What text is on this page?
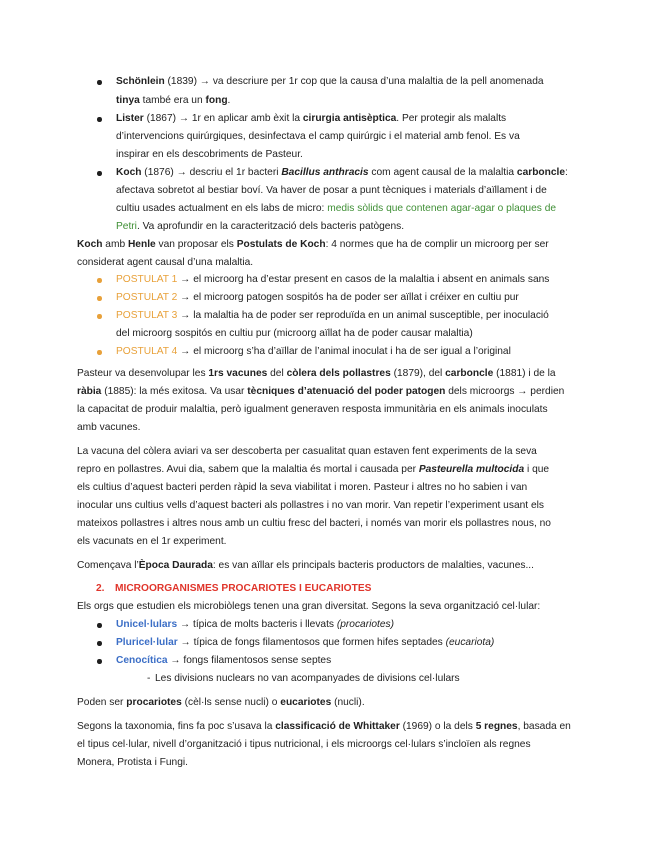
Schönlein (1839) → va descriure per 1r cop que la causa d’una malaltia de la pell anomenada
tinya també era un fong.
Lister (1867) → 1r en aplicar amb èxit la cirurgia antisèptica. Per protegir als malalts
d’intervencions quirúrgiques, desinfectava el camp quirúrgic i el material amb fenol. Es va
inspirar en els descobriments de Pasteur.
Koch (1876) → descriu el 1r bacteri Bacillus anthracis com agent causal de la malaltia carboncle:
afectava sobretot al bestiar boví. Va haver de posar a punt tècniques i materials d’aïllament i de
cultiu usades actualment en els labs de micro: medis sòlids que contenen agar-agar o plaques de
Petri. Va aprofundir en la caracterització dels bacteris patògens.
Koch amb Henle van proposar els Postulats de Koch: 4 normes que ha de complir un microorg per ser
considerat agent causal d’una malaltia.
POSTULAT 1 → el microorg ha d’estar present en casos de la malaltia i absent en animals sans
POSTULAT 2 → el microorg patogen sospitós ha de poder ser aïllat i créixer en cultiu pur
POSTULAT 3 → la malaltia ha de poder ser reproduïda en un animal susceptible, per inoculació
del microorg sospitós en cultiu pur (microorg aïllat ha de poder causar malaltia)
POSTULAT 4 → el microorg s’ha d’aïllar de l’animal inoculat i ha de ser igual a l’original
Pasteur va desenvolupar les 1rs vacunes del còlera dels pollastres (1879), del carboncle (1881) i de la
ràbia (1885): la més exitosa. Va usar tècniques d’atenuació del poder patogen dels microorgs → perdien
la capacitat de produir malaltia, però igualment generaven resposta immunitària en els animals inoculats
amb vacunes.
La vacuna del còlera aviari va ser descoberta per casualitat quan estaven fent experiments de la seva
repro en pollastres. Avui dia, sabem que la malaltia és mortal i causada per Pasteurella multocida i que
els cultius d’aquest bacteri perden ràpid la seva viabilitat i moren. Pasteur i altres no ho sabien i van
inocular uns cultius vells d’aquest bacteri als pollastres i no van morir. Van repetir l’experiment usant els
mateixos pollastres i altres nous amb un cultiu fresc del bacteri, i només van morir els pollastres nous, no
els vacunats en el 1r experiment.
Començava l’Època Daurada: es van aïllar els principals bacteris productors de malalties, vacunes...
2. MICROORGANISMES PROCARIOTES I EUCARIOTES
Els orgs que estudien els microbiòlegs tenen una gran diversitat. Segons la seva organització cel·lular:
Unicel·lulars → típica de molts bacteris i llevats (procariotes)
Pluricel·lular → típica de fongs filamentosos que formen hifes septades (eucariota)
Cenocítica → fongs filamentosos sense septes
- Les divisions nuclears no van acompanyades de divisions cel·lulars
Poden ser procariotes (cèl·ls sense nucli) o eucariotes (nucli).
Segons la taxonomia, fins fa poc s’usava la classificació de Whittaker (1969) o la dels 5 regnes, basada en
el tipus cel·lular, nivell d’organització i tipus nutricional, i els microorgs cel·lulars s’incloïen als regnes
Monera, Protista i Fungi.
